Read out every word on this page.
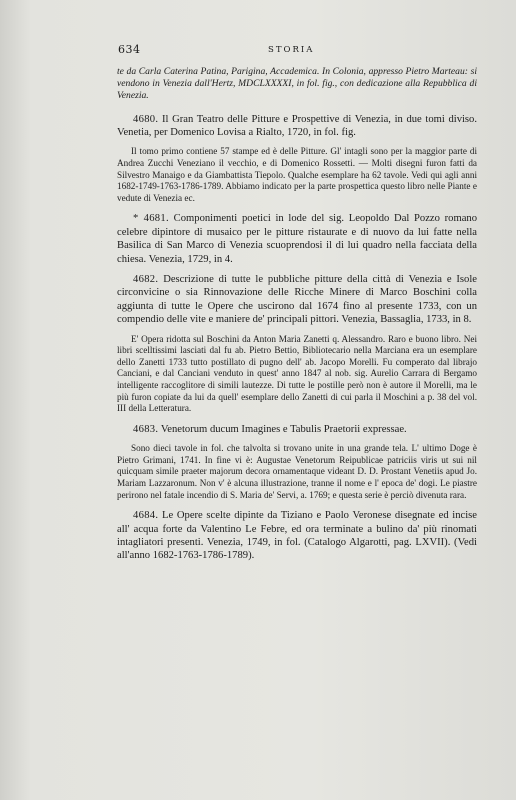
634	STORIA

te da Carla Caterina Patina, Parigina, Accademica. In Colonia, appresso Pietro Marteau: si vendono in Venezia dall'Hertz, MDCLXXXXI, in fol. fig., con dedicazione alla Repubblica di Venezia.

4680. Il Gran Teatro delle Pitture e Prospettive di Venezia, in due tomi diviso. Venetia, per Domenico Lovisa a Rialto, 1720, in fol. fig.

Il tomo primo contiene 57 stampe ed è delle Pitture. Gl' intagli sono per la maggior parte di Andrea Zucchi Veneziano il vecchio, e di Domenico Rossetti. — Molti disegni furon fatti da Silvestro Manaigo e da Giambattista Tiepolo. Qualche esemplare ha 62 tavole. Vedi qui agli anni 1682-1749-1763-1786-1789. Abbiamo indicato per la parte prospettica questo libro nelle Piante e vedute di Venezia ec.

* 4681. Componimenti poetici in lode del sig. Leopoldo Dal Pozzo romano celebre dipintore di musaico per le pitture ristaurate e di nuovo da lui fatte nella Basilica di San Marco di Venezia scuoprendosi il di lui quadro nella facciata della chiesa. Venezia, 1729, in 4.

4682. Descrizione di tutte le pubbliche pitture della città di Venezia e Isole circonvicine o sia Rinnovazione delle Ricche Minere di Marco Boschini colla aggiunta di tutte le Opere che uscirono dal 1674 fino al presente 1733, con un compendio delle vite e maniere de' principali pittori. Venezia, Bassaglia, 1733, in 8.

E' Opera ridotta sul Boschini da Anton Maria Zanetti q. Alessandro. Raro e buono libro. Nei libri scelltissimi lasciati dal fu ab. Pietro Bettio, Bibliotecario nella Marciana era un esemplare dello Zanetti 1733 tutto postillato di pugno dell' ab. Jacopo Morelli. Fu comperato dal librajo Canciani, e dal Canciani venduto in quest' anno 1847 al nob. sig. Aurelio Carrara di Bergamo intelligente raccoglitore di simili lautezze. Di tutte le postille però non è autore il Morelli, ma le più furon copiate da lui da quell' esemplare dello Zanetti di cui parla il Moschini a p. 38 del vol. III della Letteratura.

4683. Venetorum ducum Imagines e Tabulis Praetorii expressae.

Sono dieci tavole in fol. che talvolta si trovano unite in una grande tela. L' ultimo Doge è Pietro Grimani, 1741. In fine vi è: Augustae Venetorum Reipublicae patriciis viris ut sui nil quicquam simile praeter majorum decora ornamentaque videant D. D. Prostant Venetiis apud Jo. Mariam Lazzaronum. Non v' è alcuna illustrazione, tranne il nome e l' epoca de' dogi. Le piastre perirono nel fatale incendio di S. Maria de' Servi, a. 1769; e questa serie è perciò divenuta rara.

4684. Le Opere scelte dipinte da Tiziano e Paolo Veronese disegnate ed incise all' acqua forte da Valentino Le Febre, ed ora terminate a bulino da' più rinomati intagliatori presenti. Venezia, 1749, in fol. (Catalogo Algarotti, pag. LXVII). (Vedi all'anno 1682-1763-1786-1789).
